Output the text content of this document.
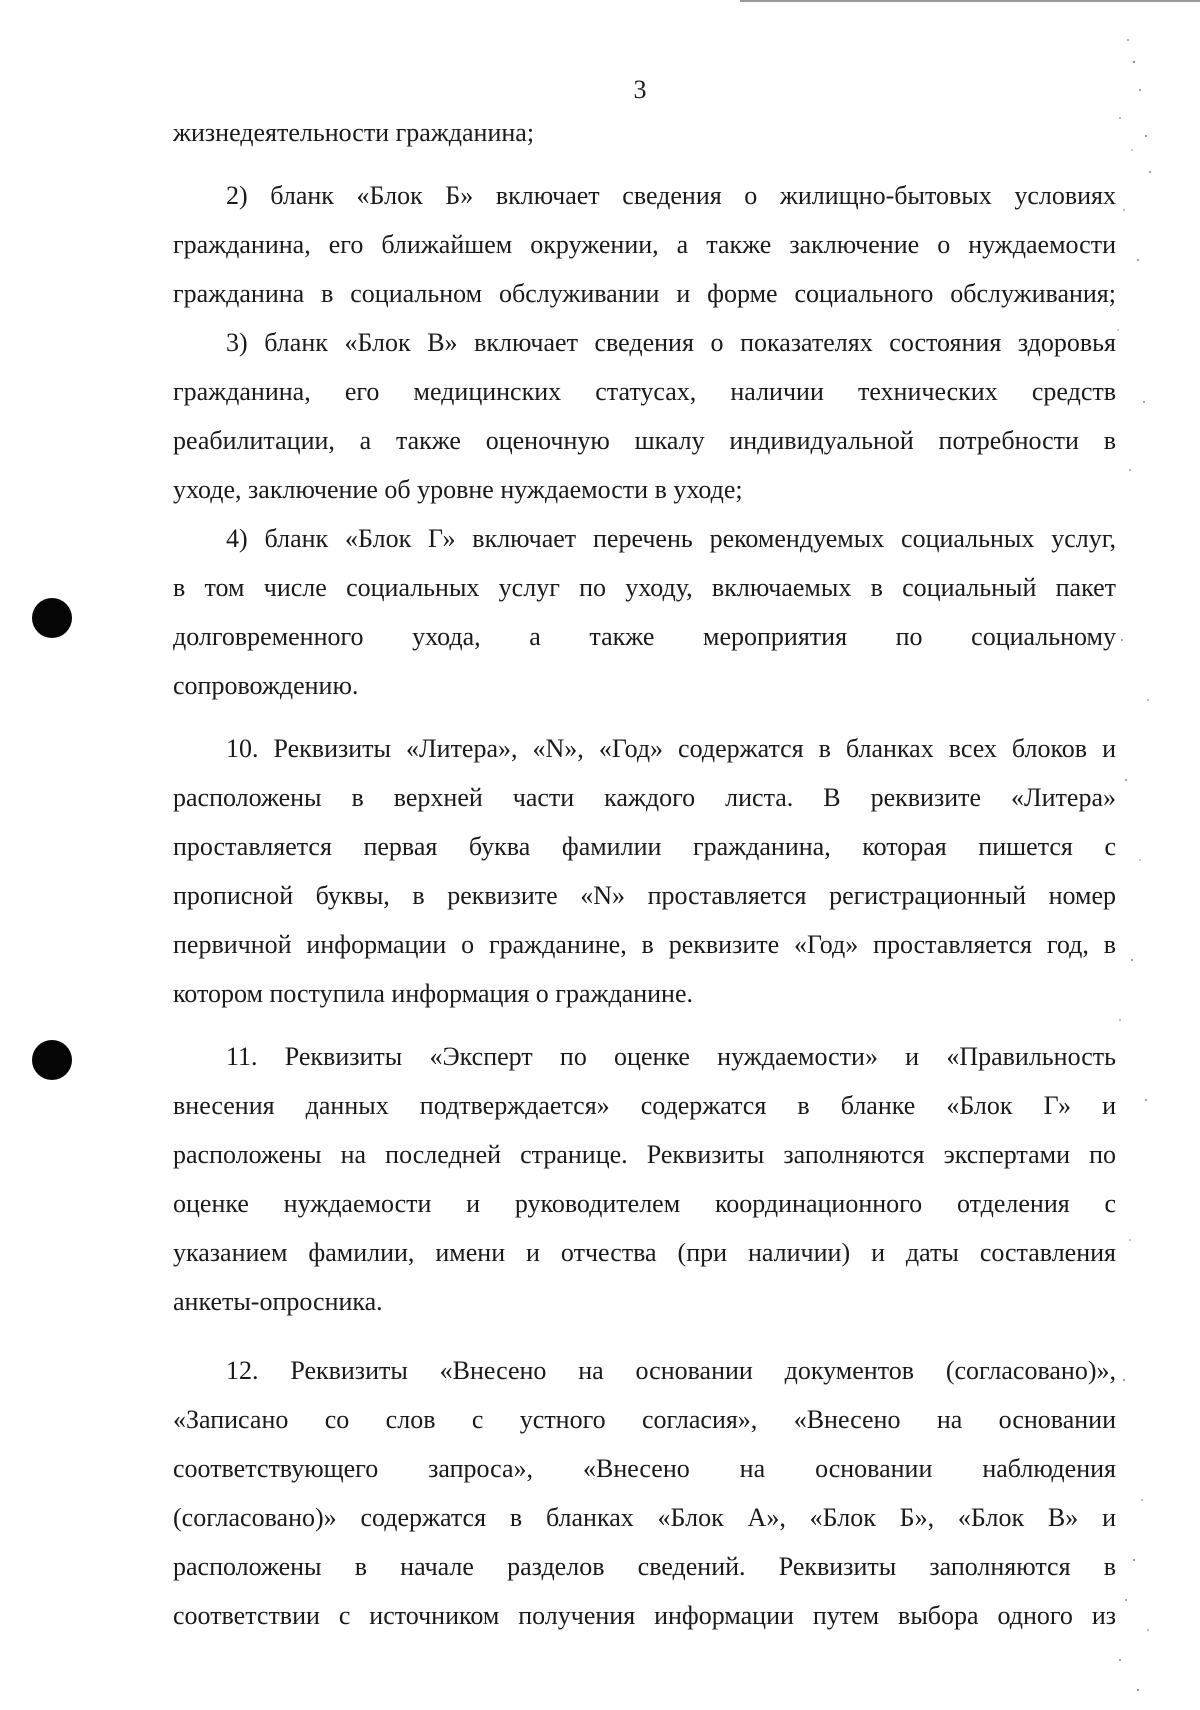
3
жизнедеятельности гражданина;
2) бланк «Блок Б» включает сведения о жилищно-бытовых условиях
гражданина, его ближайшем окружении, а также заключение о нуждаемости
гражданина в социальном обслуживании и форме социального обслуживания;
3) бланк «Блок В» включает сведения о показателях состояния здоровья
гражданина, его медицинских статусах, наличии технических средств
реабилитации, а также оценочную шкалу индивидуальной потребности в
уходе, заключение об уровне нуждаемости в уходе;
4) бланк «Блок Г» включает перечень рекомендуемых социальных услуг,
в том числе социальных услуг по уходу, включаемых в социальный пакет
долговременного ухода, а также мероприятия по социальному
сопровождению.
10. Реквизиты «Литера», «N», «Год» содержатся в бланках всех блоков и
расположены в верхней части каждого листа. В реквизите «Литера»
проставляется первая буква фамилии гражданина, которая пишется с
прописной буквы, в реквизите «N» проставляется регистрационный номер
первичной информации о гражданине, в реквизите «Год» проставляется год, в
котором поступила информация о гражданине.
11. Реквизиты «Эксперт по оценке нуждаемости» и «Правильность
внесения данных подтверждается» содержатся в бланке «Блок Г» и
расположены на последней странице. Реквизиты заполняются экспертами по
оценке нуждаемости и руководителем координационного отделения с
указанием фамилии, имени и отчества (при наличии) и даты составления
анкеты-опросника.
12. Реквизиты «Внесено на основании документов (согласовано)»,
«Записано со слов с устного согласия», «Внесено на основании
соответствующего запроса», «Внесено на основании наблюдения
(согласовано)» содержатся в бланках «Блок А», «Блок Б», «Блок В» и
расположены в начале разделов сведений. Реквизиты заполняются в
соответствии с источником получения информации путем выбора одного из
